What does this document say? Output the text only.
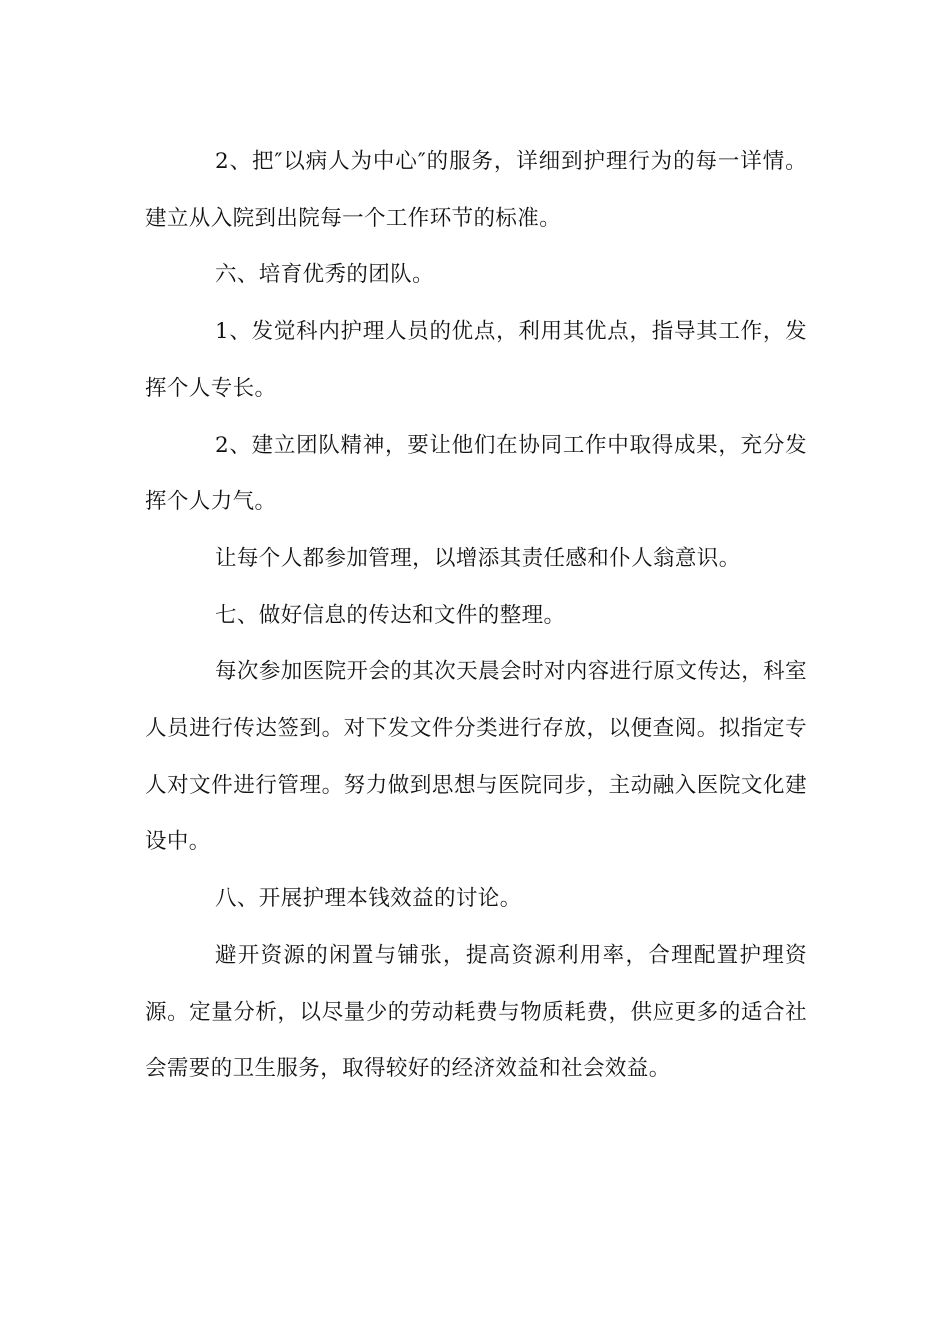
2、把″以病人为中心″的服务，详细到护理行为的每一详情。建立从入院到出院每一个工作环节的标准。

六、培育优秀的团队。

1、发觉科内护理人员的优点，利用其优点，指导其工作，发挥个人专长。

2、建立团队精神，要让他们在协同工作中取得成果，充分发挥个人力气。

让每个人都参加管理，以增添其责任感和仆人翁意识。

七、做好信息的传达和文件的整理。

每次参加医院开会的其次天晨会时对内容进行原文传达，科室人员进行传达签到。对下发文件分类进行存放，以便查阅。拟指定专人对文件进行管理。努力做到思想与医院同步，主动融入医院文化建设中。

八、开展护理本钱效益的讨论。

避开资源的闲置与铺张，提高资源利用率，合理配置护理资源。定量分析，以尽量少的劳动耗费与物质耗费，供应更多的适合社会需要的卫生服务，取得较好的经济效益和社会效益。
